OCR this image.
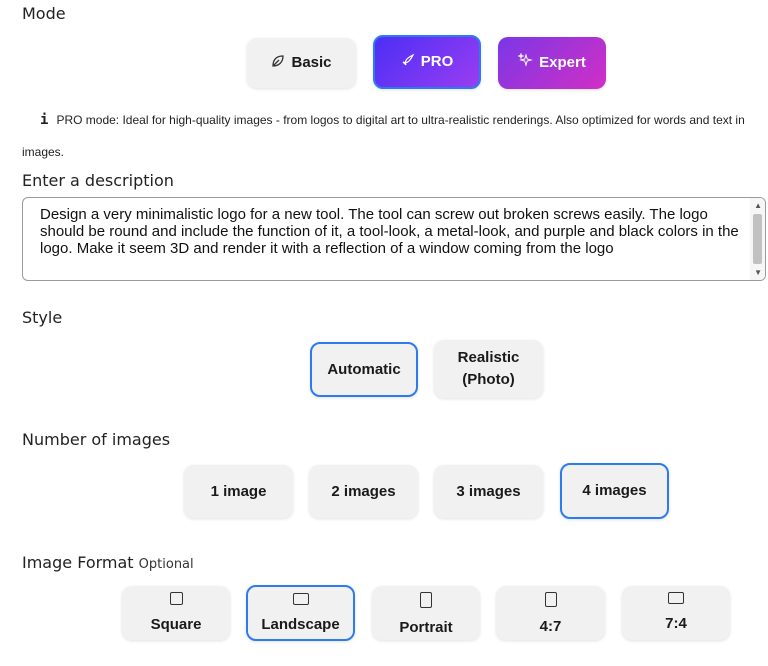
Mode
Basic	PRO	Expert
i PRO mode: Ideal for high-quality images - from logos to digital art to ultra-realistic renderings. Also optimized for words and text in images.
Enter a description
Design a very minimalistic logo for a new tool. The tool can screw out broken screws easily. The logo should be round and include the function of it, a tool-look, a metal-look, and purple and black colors in the logo. Make it seem 3D and render it with a reflection of a window coming from the logo
▲
▼
Style
Automatic
Realistic
(Photo)
Number of images
1 image	2 images	3 images	4 images
Image Format Optional
Square	Landscape	Portrait	4:7	7:4
